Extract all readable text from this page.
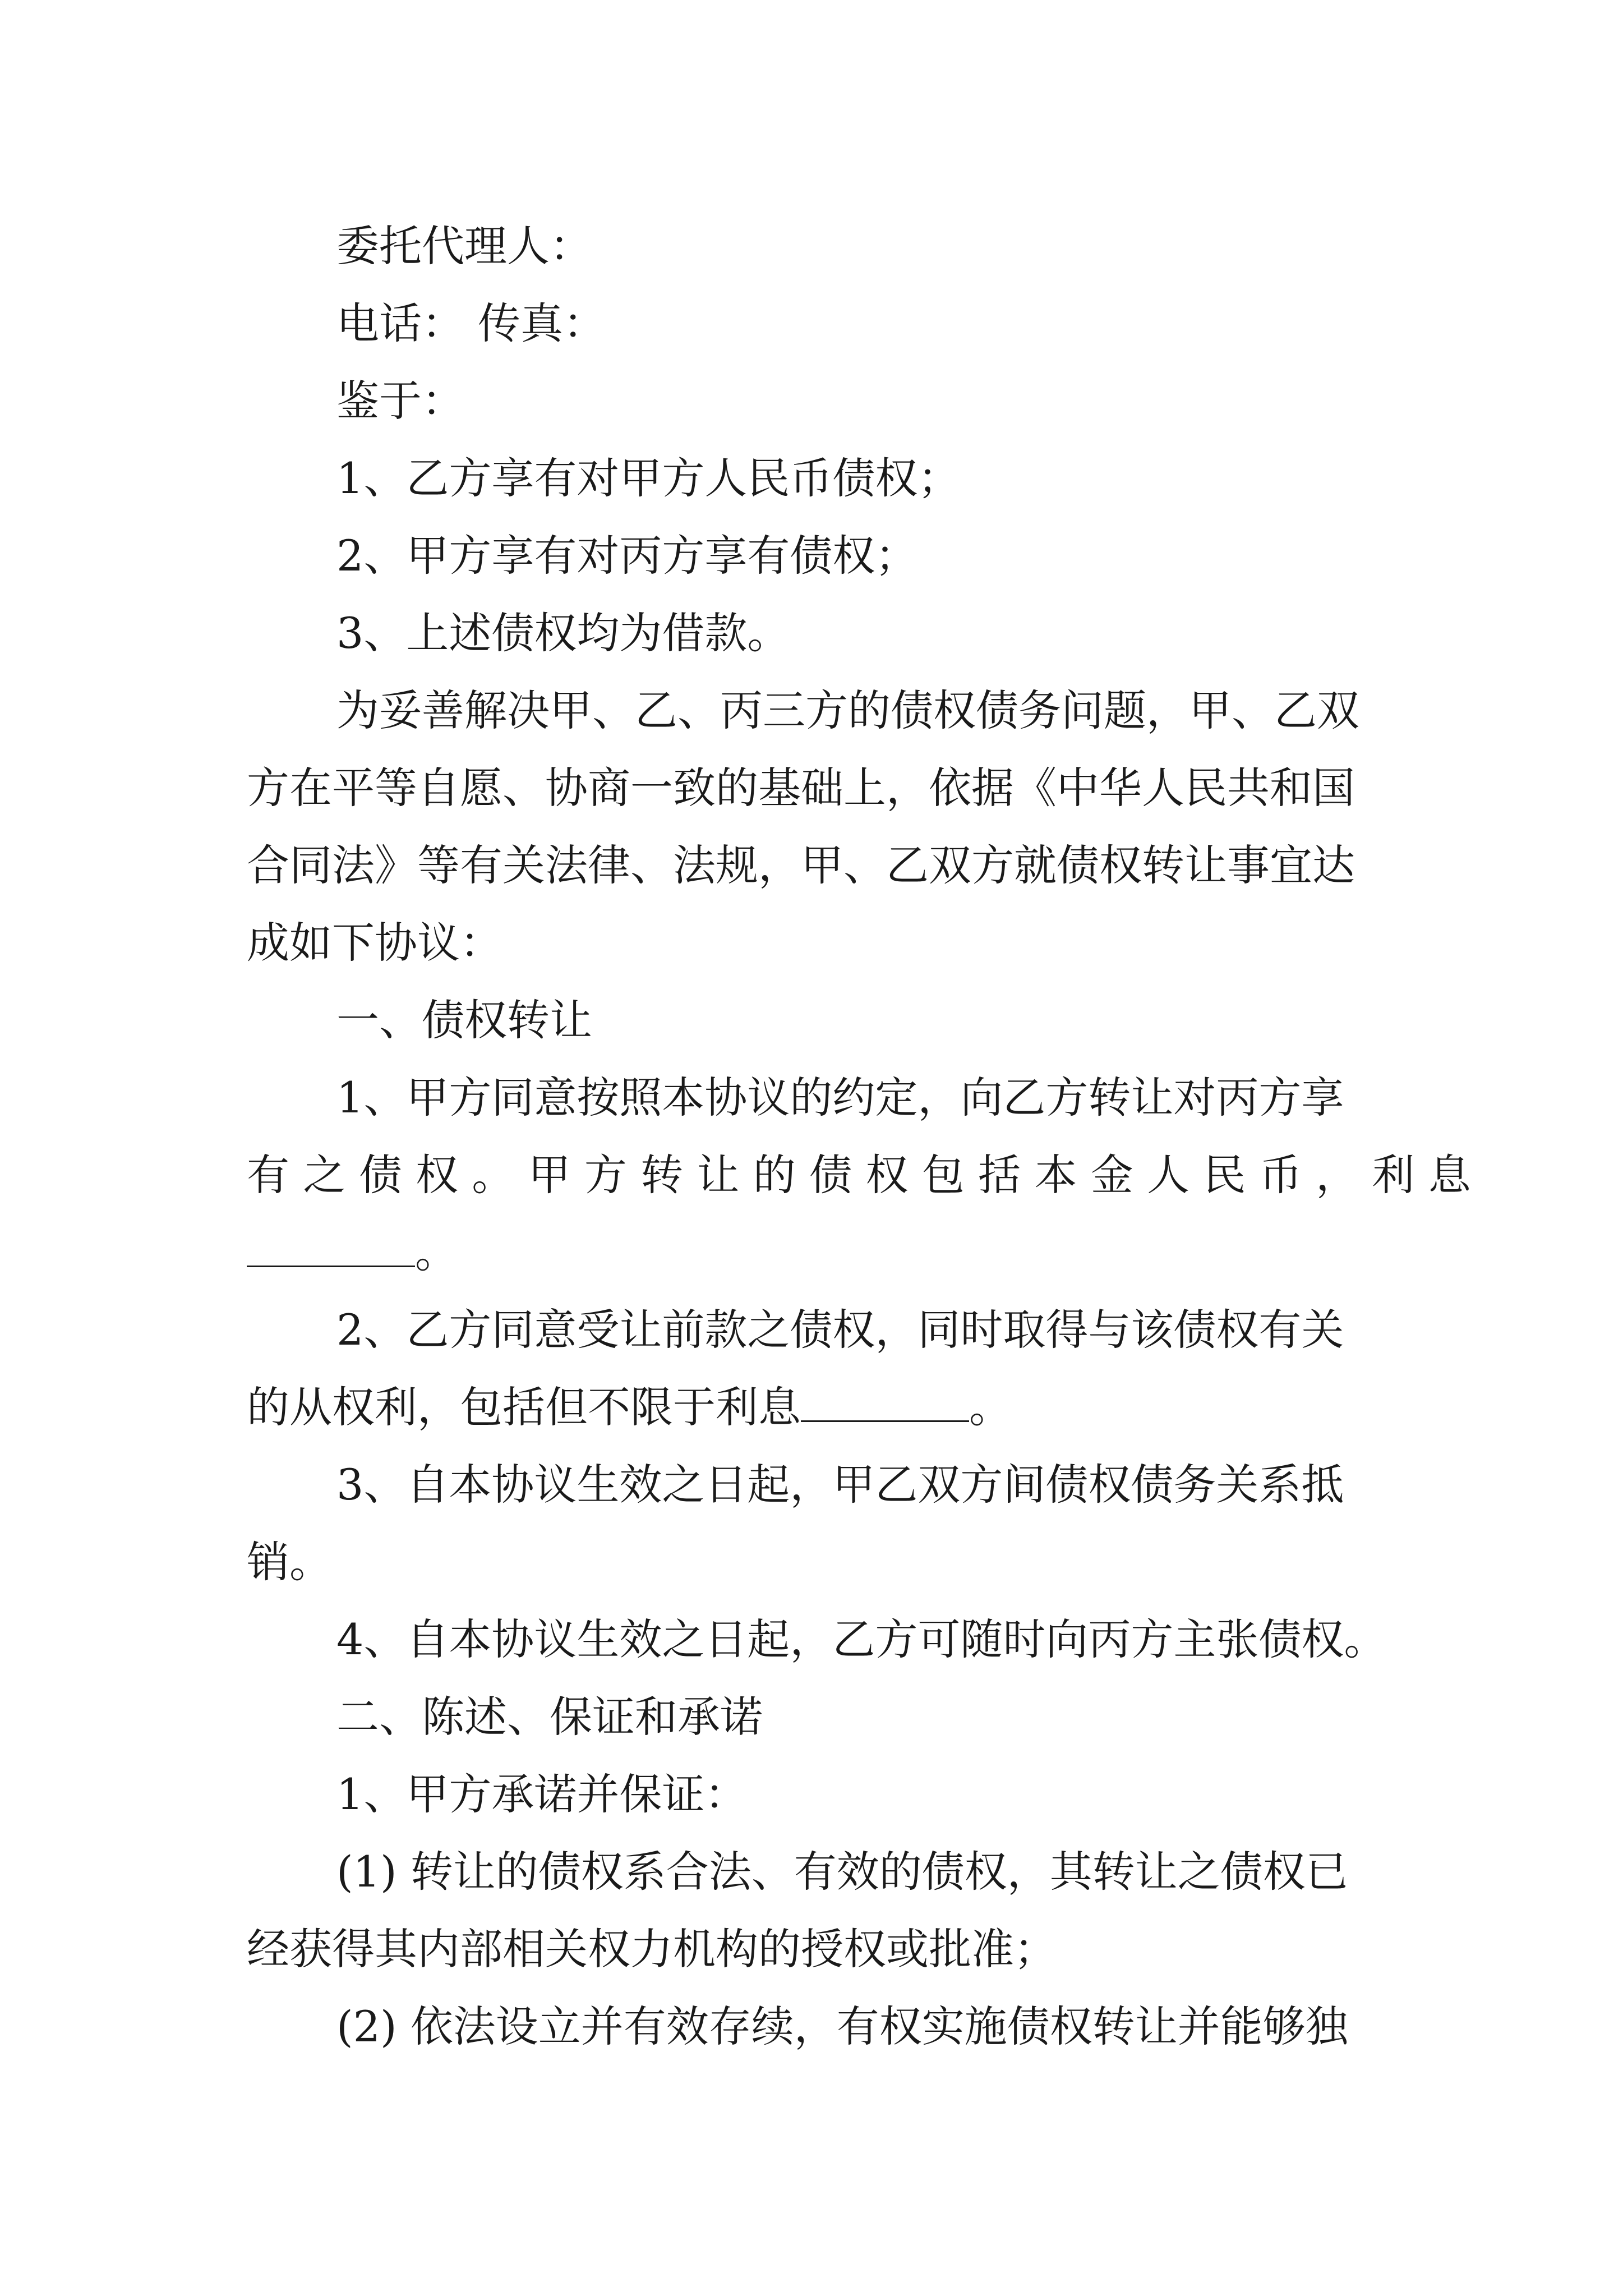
委托代理人：
电话： 传真：
鉴于：
1、乙方享有对甲方人民币债权；
2、甲方享有对丙方享有债权；
3、上述债权均为借款。
为妥善解决甲、乙、丙三方的债权债务问题，甲、乙双
方在平等自愿、协商一致的基础上，依据《中华人民共和国
合同法》等有关法律、法规，甲、乙双方就债权转让事宜达
成如下协议：
一、债权转让
1、甲方同意按照本协议的约定，向乙方转让对丙方享
有之债权。甲方转让的债权包括本金人民币，利息
。
2、乙方同意受让前款之债权，同时取得与该债权有关
的从权利，包括但不限于利息	。
3、自本协议生效之日起，甲乙双方间债权债务关系抵
销。
4、自本协议生效之日起，乙方可随时向丙方主张债权。
二、陈述、保证和承诺
1、甲方承诺并保证：
(1) 转让的债权系合法、有效的债权，其转让之债权已
经获得其内部相关权力机构的授权或批准；
(2) 依法设立并有效存续，有权实施债权转让并能够独
